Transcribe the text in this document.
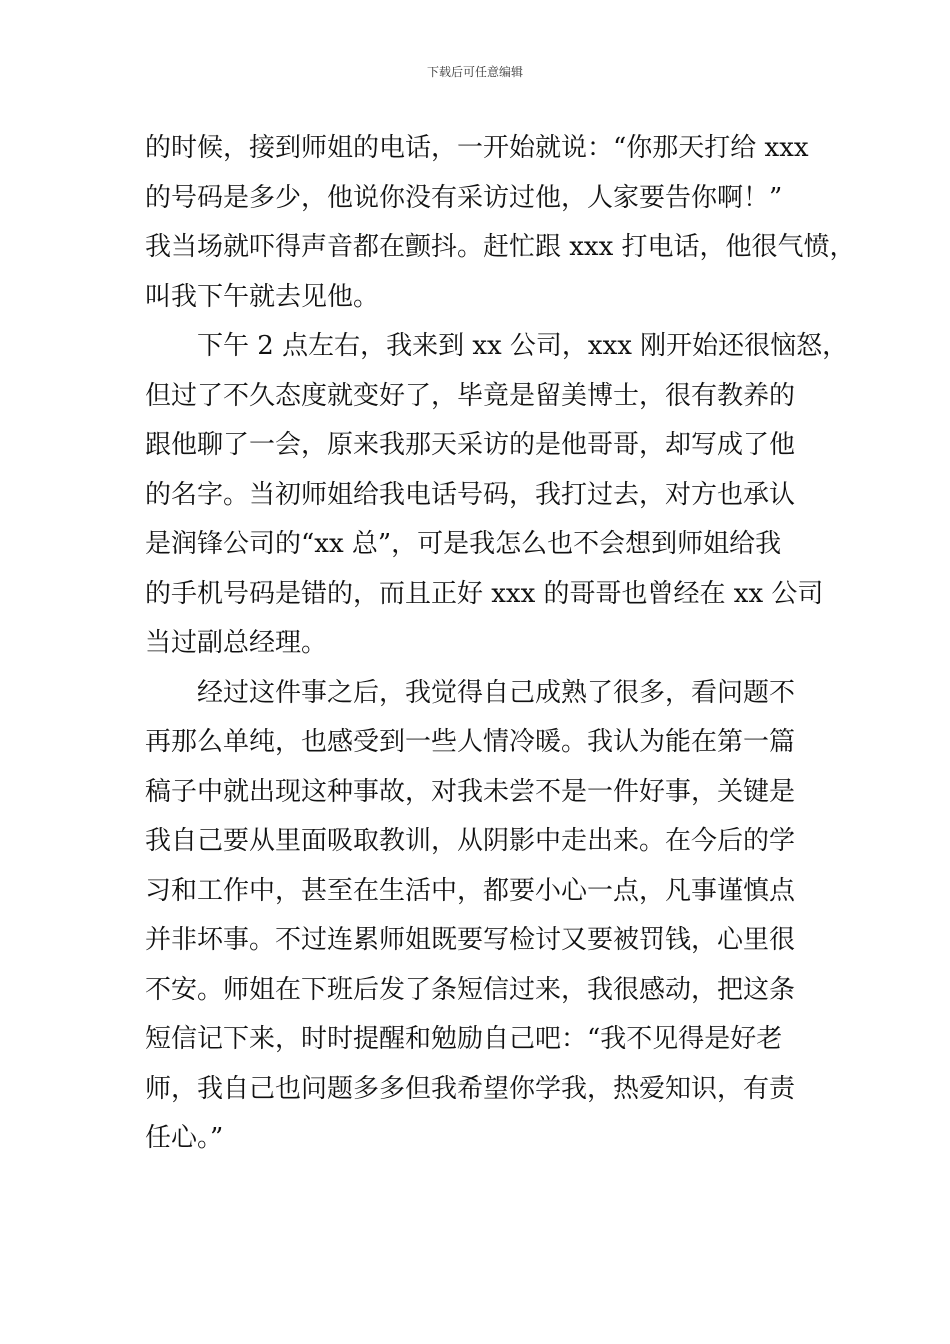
下载后可任意编辑
的时候，接到师姐的电话，一开始就说：“你那天打给 xxx
的号码是多少，他说你没有采访过他，人家要告你啊！”
我当场就吓得声音都在颤抖。赶忙跟 xxx 打电话，他很气愤，
叫我下午就去见他。
下午 2 点左右，我来到 xx 公司，xxx 刚开始还很恼怒，
但过了不久态度就变好了，毕竟是留美博士，很有教养的
跟他聊了一会，原来我那天采访的是他哥哥，却写成了他
的名字。当初师姐给我电话号码，我打过去，对方也承认
是润锋公司的“xx 总”，可是我怎么也不会想到师姐给我
的手机号码是错的，而且正好 xxx 的哥哥也曾经在 xx 公司
当过副总经理。
经过这件事之后，我觉得自己成熟了很多，看问题不
再那么单纯，也感受到一些人情冷暖。我认为能在第一篇
稿子中就出现这种事故，对我未尝不是一件好事，关键是
我自己要从里面吸取教训，从阴影中走出来。在今后的学
习和工作中，甚至在生活中，都要小心一点，凡事谨慎点
并非坏事。不过连累师姐既要写检讨又要被罚钱，心里很
不安。师姐在下班后发了条短信过来，我很感动，把这条
短信记下来，时时提醒和勉励自己吧：“我不见得是好老
师，我自己也问题多多但我希望你学我，热爱知识，有责
任心。”
